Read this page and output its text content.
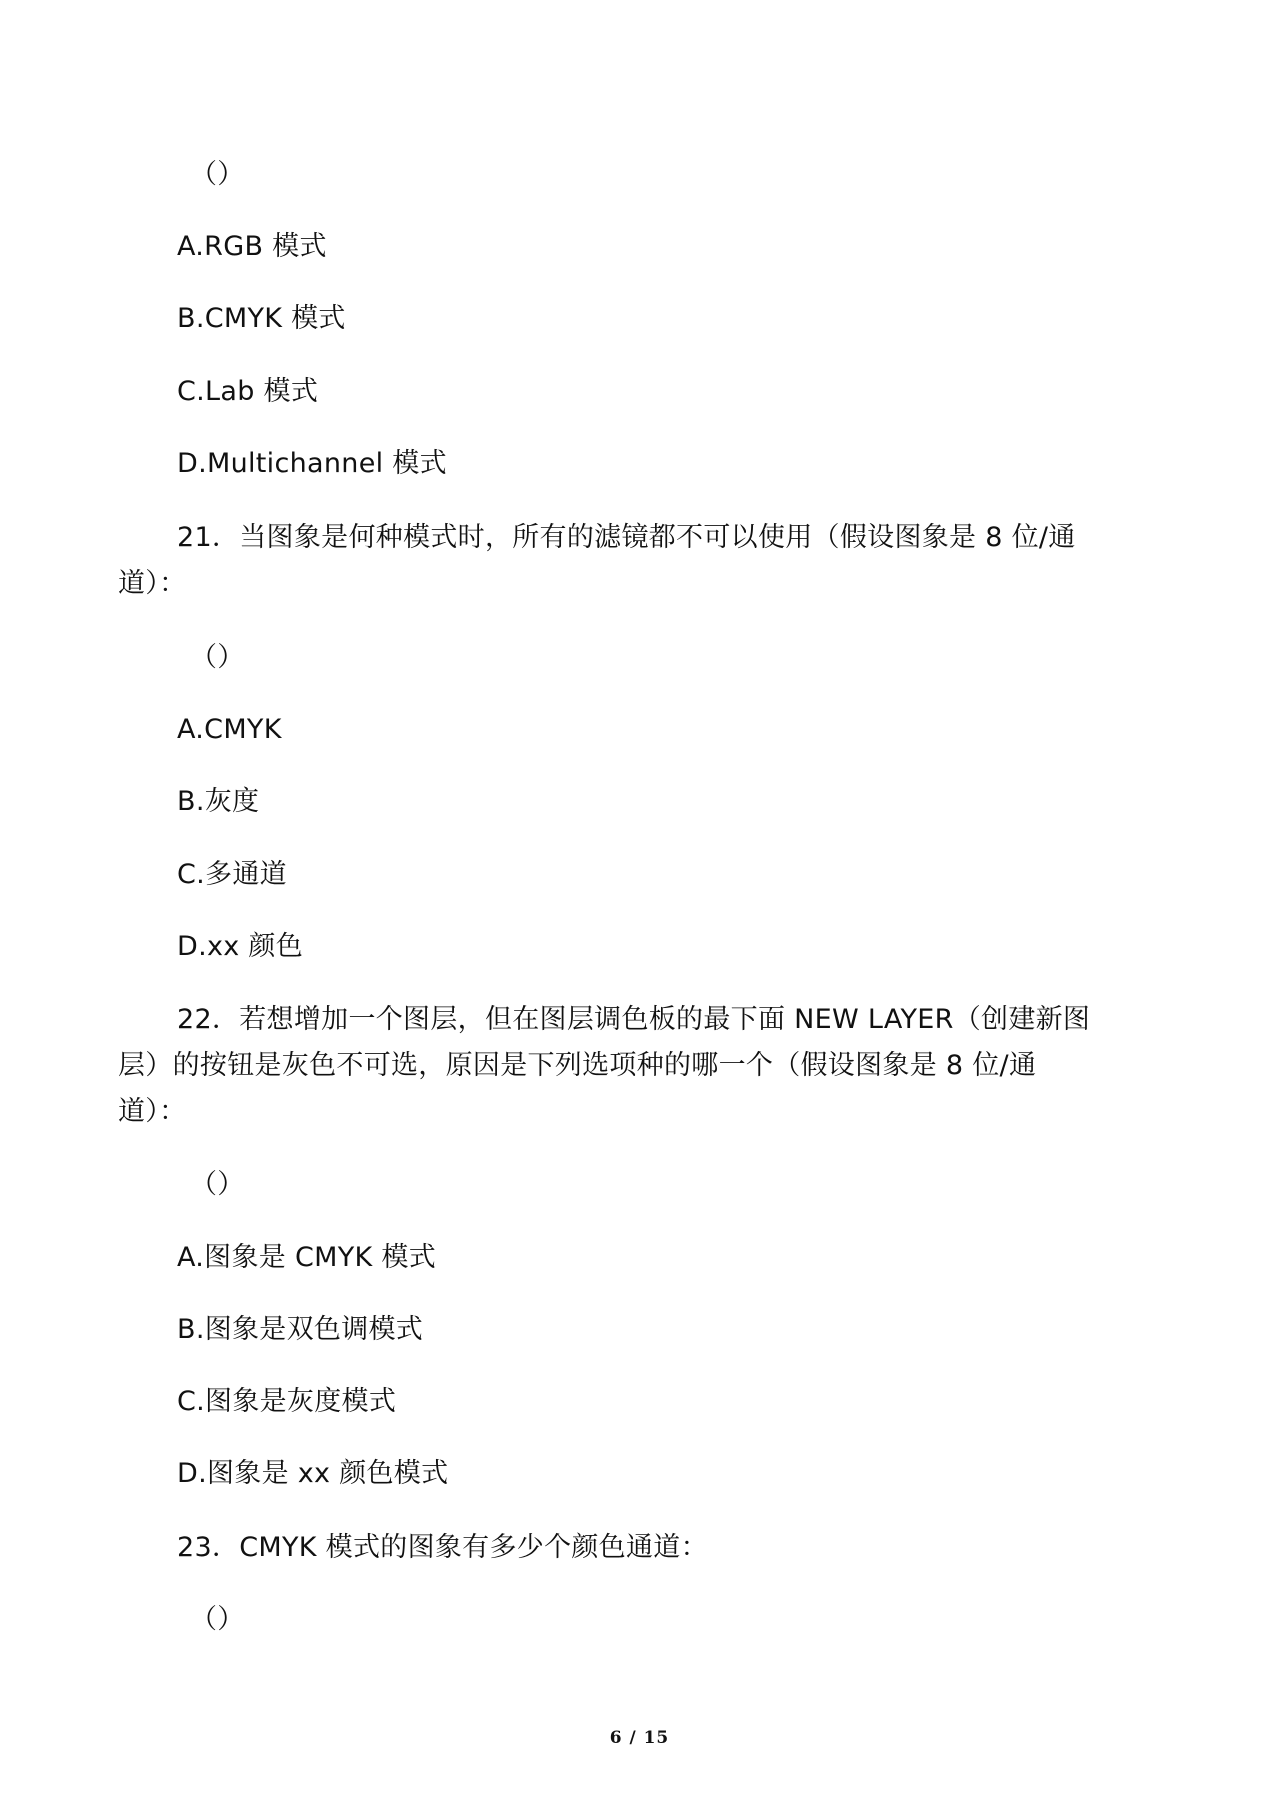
（）
A.RGB 模式
B.CMYK 模式
C.Lab 模式
D.Multichannel 模式
21．当图象是何种模式时，所有的滤镜都不可以使用（假设图象是 8 位/通
道）：
（）
A.CMYK
B.灰度
C.多通道
D.xx 颜色
22．若想增加一个图层，但在图层调色板的最下面 NEW LAYER（创建新图
层）的按钮是灰色不可选，原因是下列选项种的哪一个（假设图象是 8 位/通
道）：
（）
A.图象是 CMYK 模式
B.图象是双色调模式
C.图象是灰度模式
D.图象是 xx 颜色模式
23．CMYK 模式的图象有多少个颜色通道：
（）
6 / 15
